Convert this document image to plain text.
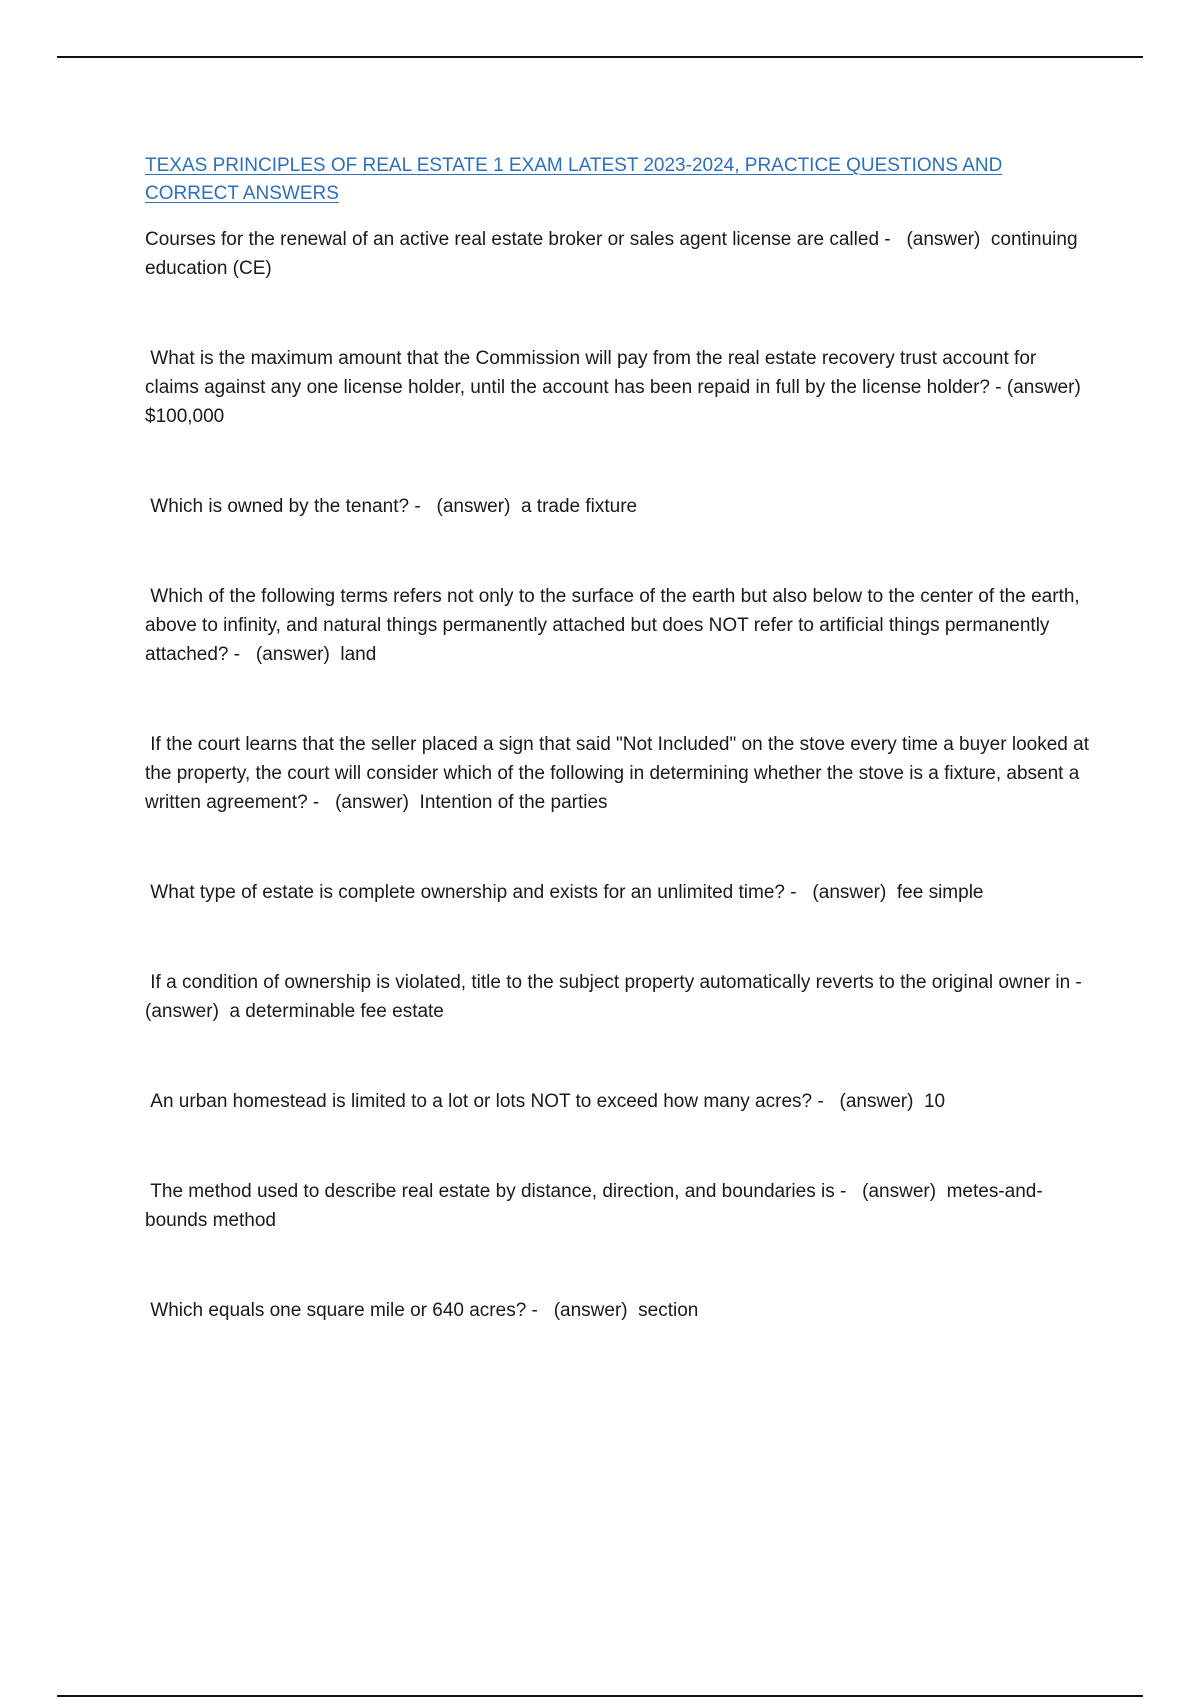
TEXAS PRINCIPLES OF REAL ESTATE 1 EXAM LATEST 2023-2024, PRACTICE QUESTIONS AND CORRECT ANSWERS
Courses for the renewal of an active real estate broker or sales agent license are called -   (answer)  continuing education (CE)
What is the maximum amount that the Commission will pay from the real estate recovery trust account for claims against any one license holder, until the account has been repaid in full by the license holder? - (answer)  $100,000
Which is owned by the tenant? -   (answer)  a trade fixture
Which of the following terms refers not only to the surface of the earth but also below to the center of the earth, above to infinity, and natural things permanently attached but does NOT refer to artificial things permanently attached? -   (answer)  land
If the court learns that the seller placed a sign that said "Not Included" on the stove every time a buyer looked at the property, the court will consider which of the following in determining whether the stove is a fixture, absent a written agreement? -   (answer)  Intention of the parties
What type of estate is complete ownership and exists for an unlimited time? -   (answer)  fee simple
If a condition of ownership is violated, title to the subject property automatically reverts to the original owner in -   (answer)  a determinable fee estate
An urban homestead is limited to a lot or lots NOT to exceed how many acres? -   (answer)  10
The method used to describe real estate by distance, direction, and boundaries is -   (answer)  metes-and-bounds method
Which equals one square mile or 640 acres? -   (answer)  section
